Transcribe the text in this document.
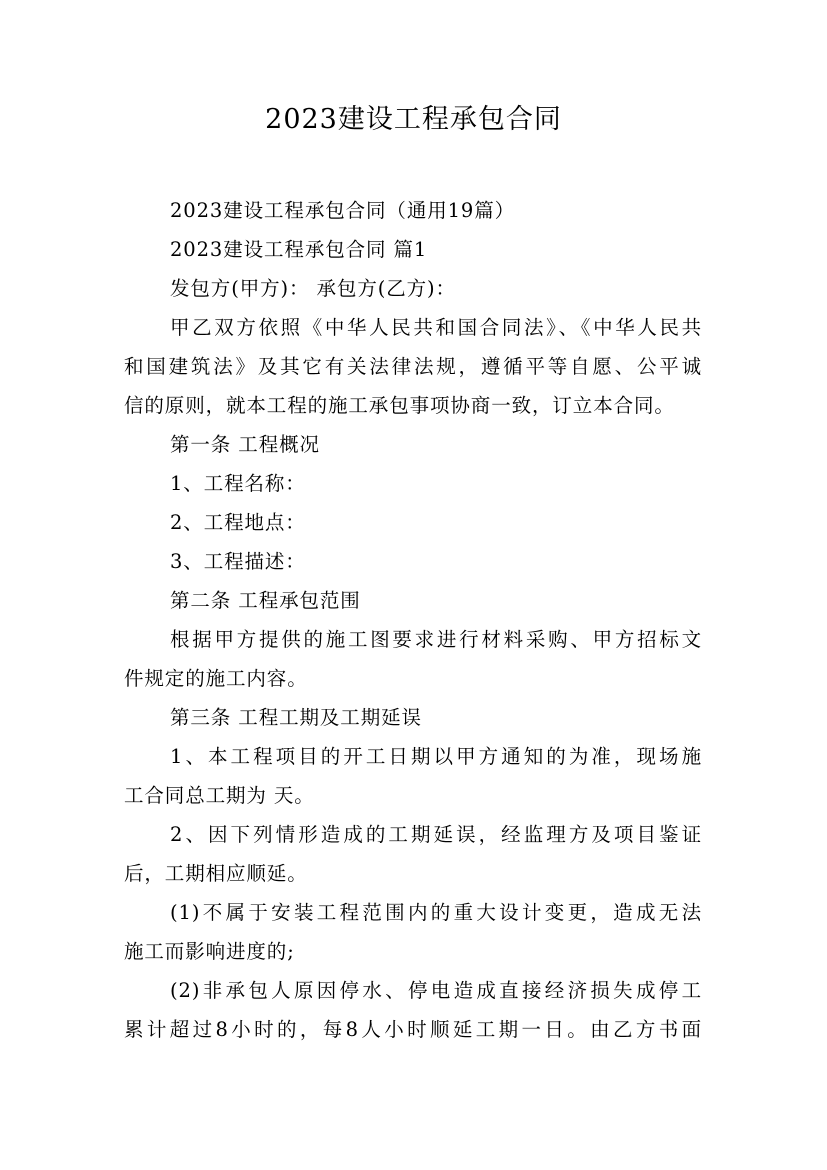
2023建设工程承包合同
2023建设工程承包合同（通用19篇）
2023建设工程承包合同 篇1
发包方(甲方)： 承包方(乙方)：
甲乙双方依照《中华人民共和国合同法》、《中华人民共
和国建筑法》及其它有关法律法规，遵循平等自愿、公平诚
信的原则，就本工程的施工承包事项协商一致，订立本合同。
第一条 工程概况
1、工程名称：
2、工程地点：
3、工程描述：
第二条 工程承包范围
根据甲方提供的施工图要求进行材料采购、甲方招标文
件规定的施工内容。
第三条 工程工期及工期延误
1、本工程项目的开工日期以甲方通知的为准，现场施
工合同总工期为 天。
2、因下列情形造成的工期延误，经监理方及项目鉴证
后，工期相应顺延。
(1)不属于安装工程范围内的重大设计变更，造成无法
施工而影响进度的;
(2)非承包人原因停水、停电造成直接经济损失成停工
累计超过8小时的，每8人小时顺延工期一日。由乙方书面
